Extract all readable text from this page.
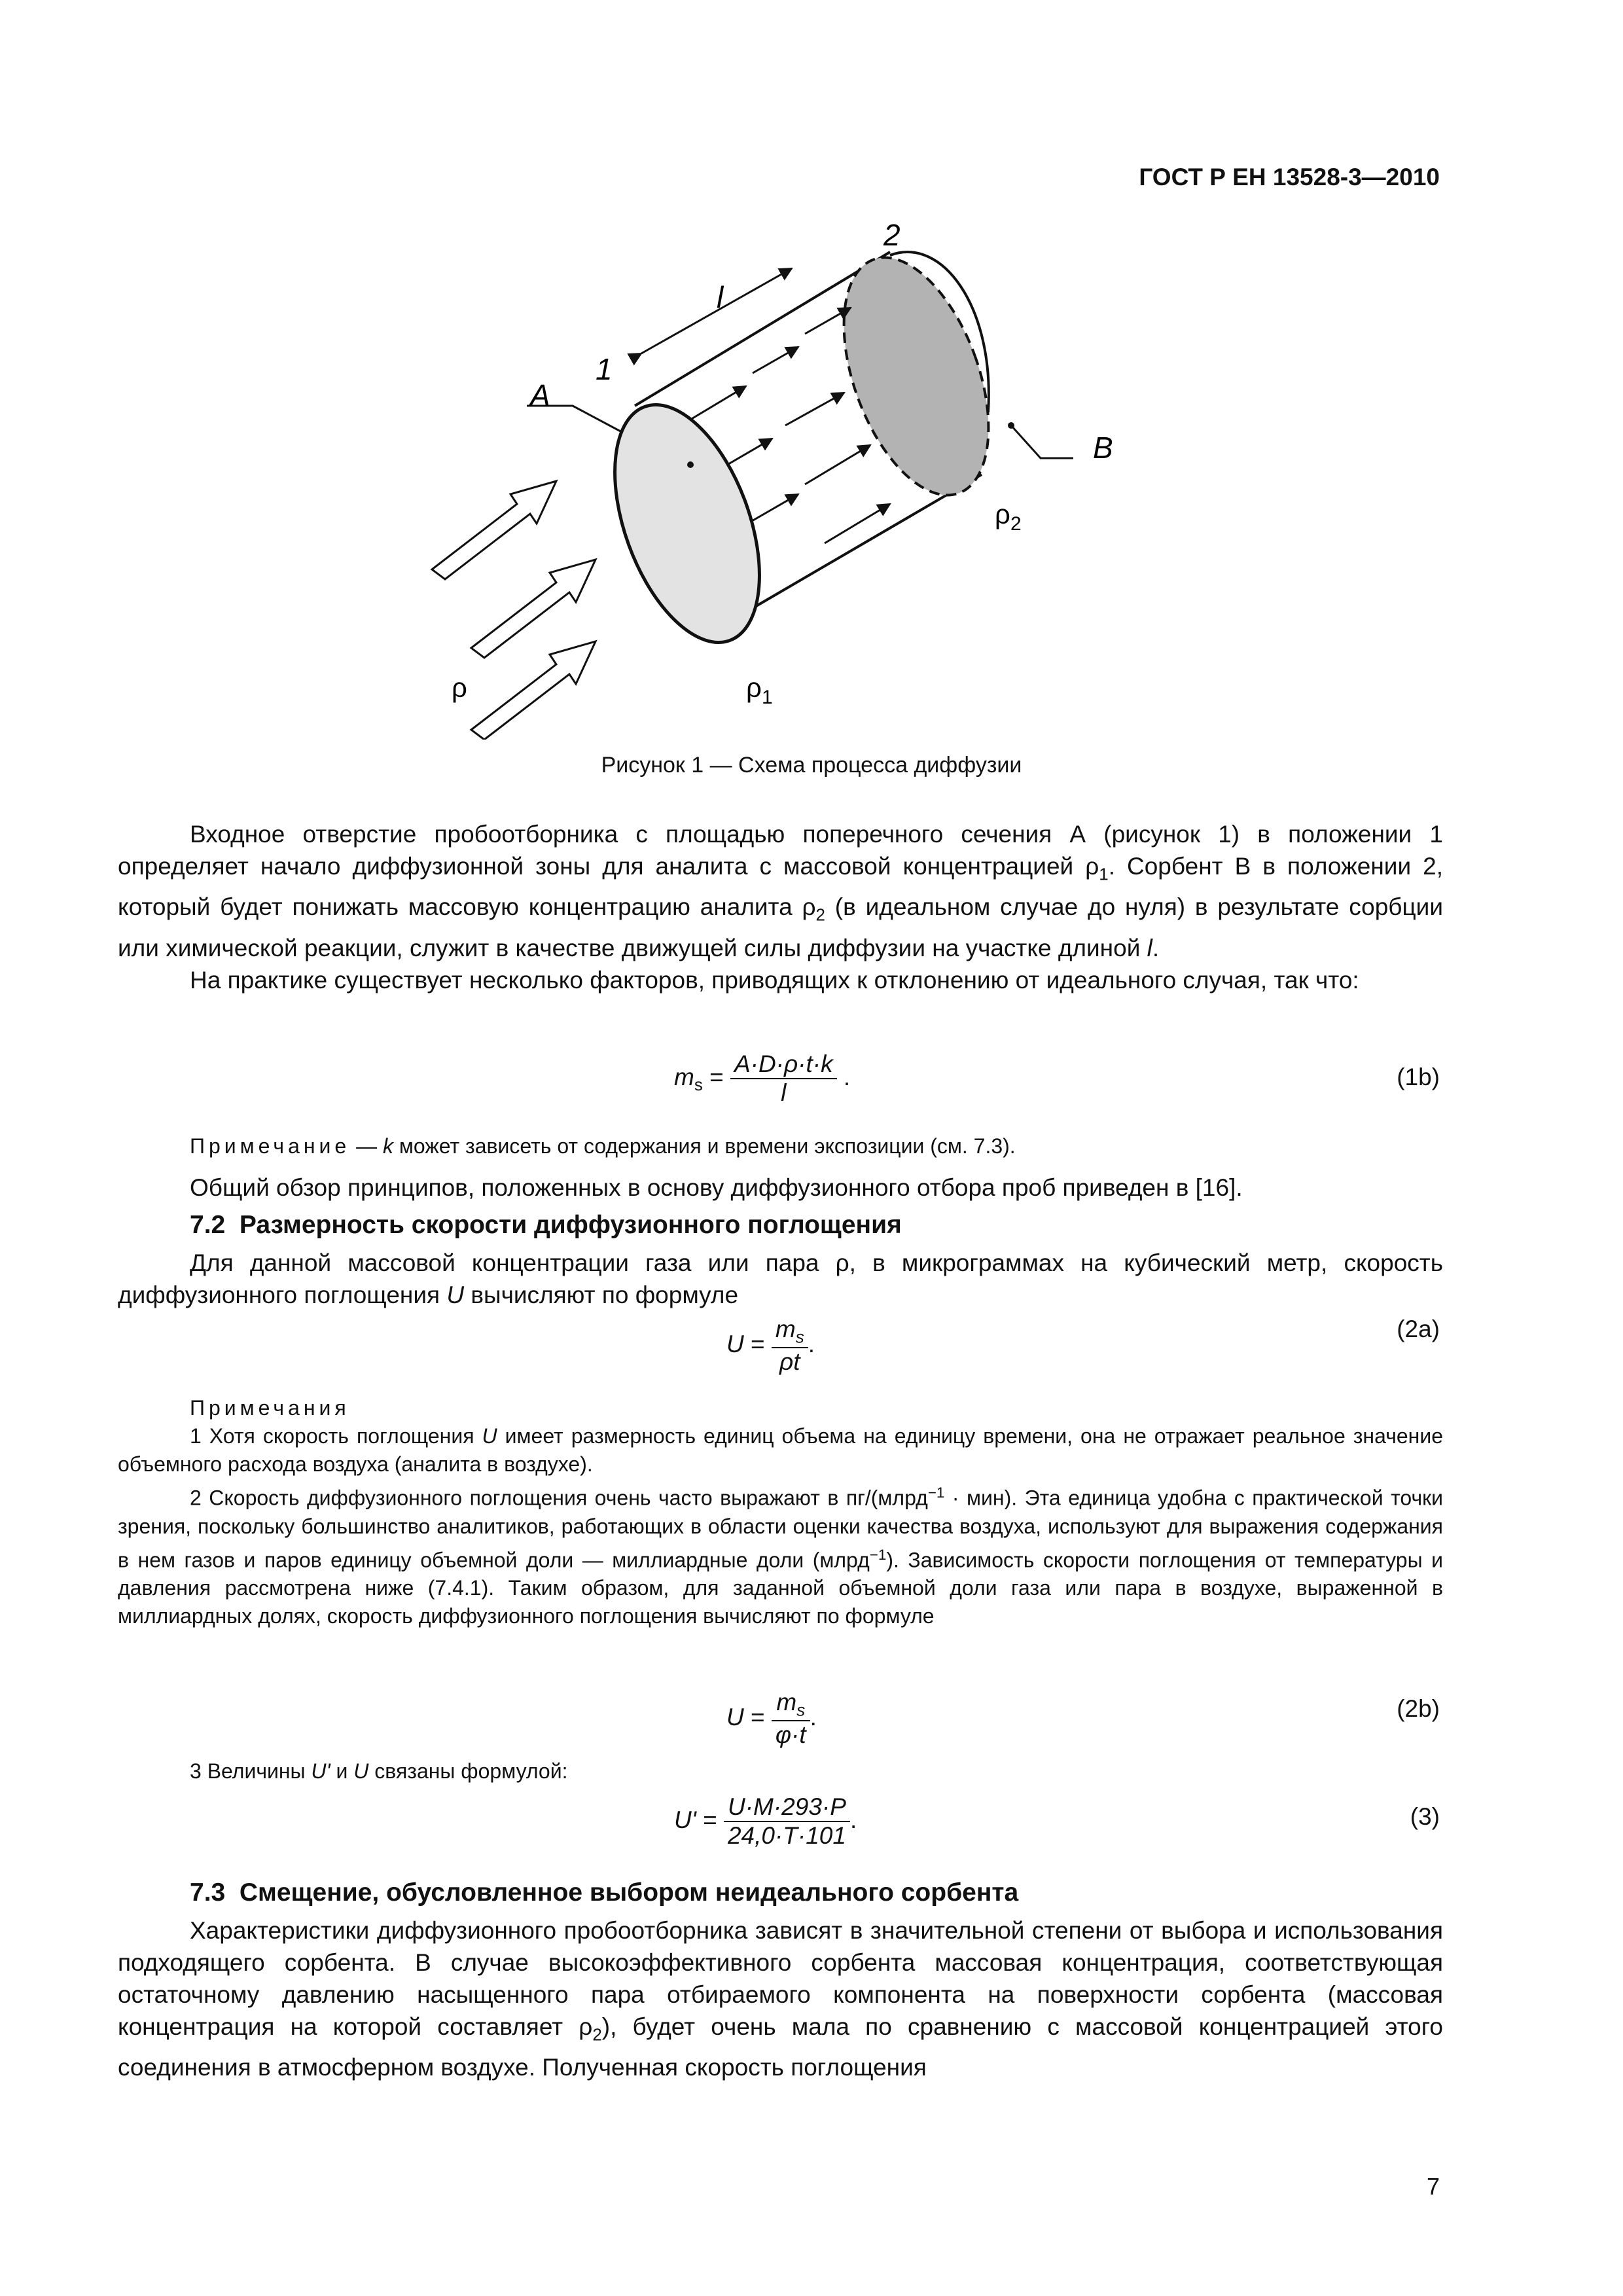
ГОСТ Р ЕН 13528-3—2010
A
B
1
2
l
ρ	ρ 1
ρ 2
Рисунок 1 — Схема процесса диффузии

Входное отверстие пробоотборника с площадью поперечного сечения А (рисунок 1) в положении 1 определяет начало диффузионной зоны для аналита с массовой концентрацией $\rho_1$. Сорбент В в положении 2, который будет понижать массовую концентрацию аналита $\rho_2$ (в идеальном случае до нуля) в результате сорбции или химической реакции, служит в качестве движущей силы диффузии на участке длиной l.

На практике существует несколько факторов, приводящих к отклонению от идеального случая, так что:

$m_s = \frac{A\cdot D\cdot\rho\cdot t\cdot k}{l}$ .	(1b)

Примечание — k может зависеть от содержания и времени экспозиции (см. 7.3).

Общий обзор принципов, положенных в основу диффузионного отбора проб приведен в [16].

7.2 Размерность скорости диффузионного поглощения

Для данной массовой концентрации газа или пара ρ, в микрограммах на кубический метр, скорость диффузионного поглощения U вычисляют по формуле

$U = \frac{m_s}{\rho t}$ .
(2a)

Примечания

1 Хотя скорость поглощения U имеет размерность единиц объема на единицу времени, она не отражает реальное значение объемного расхода воздуха (аналита в воздухе).

2 Скорость диффузионного поглощения очень часто выражают в пг/(млрд$^{-1}$ · мин). Эта единица удобна с практической точки зрения, поскольку большинство аналитиков, работающих в области оценки качества воздуха, используют для выражения содержания в нем газов и паров единицу объемной доли — миллиардные доли (млрд$^{-1}$). Зависимость скорости поглощения от температуры и давления рассмотрена ниже (7.4.1). Таким образом, для заданной объемной доли газа или пара в воздухе, выраженной в миллиардных долях, скорость диффузионного поглощения вычисляют по формуле

$U = \frac{m_s}{\varphi\cdot t}$ .	(2b)

3 Величины U' и U связаны формулой:

$U' = \frac{U\cdot M\cdot 293\cdot P}{24,0\cdot T\cdot 101}$ .	(3)
7.3 Смещение, обусловленное выбором неидеального сорбента

Характеристики диффузионного пробоотборника зависят в значительной степени от выбора и использования подходящего сорбента. В случае высокоэффективного сорбента массовая концентрация, соответствующая остаточному давлению насыщенного пара отбираемого компонента на поверхности сорбента (массовая концентрация на которой составляет $\rho_2$), будет очень мала по сравнению с массовой концентрацией этого соединения в атмосферном воздухе. Полученная скорость поглощения

7
